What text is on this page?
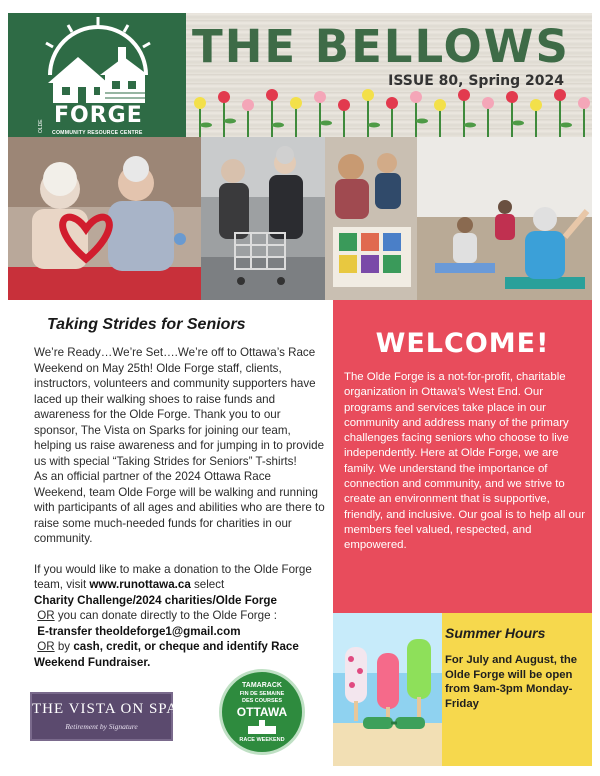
OLDE FORGE
COMMUNITY RESOURCE CENTRE
THE BELLOWS
ISSUE 80, Spring 2024
Taking Strides for Seniors

We’re Ready…We’re Set….We’re off to Ottawa’s Race Weekend on May 25th! Olde Forge staff, clients, instructors, volunteers and community supporters have laced up their walking shoes to raise funds and awareness for the Olde Forge. Thank you to our sponsor, The Vista on Sparks for joining our team, helping us raise awareness and for jumping in to provide us with special “Taking Strides for Seniors” T-shirts!

As an official partner of the 2024 Ottawa Race Weekend, team Olde Forge will be walking and running with participants of all ages and abilities who are there to raise some much-needed funds for charities in our community.

If you would like to make a donation to the Olde Forge team, visit www.runottawa.ca select

Charity Challenge/2024 charities/Olde Forge

OR you can donate directly to the Olde Forge :

E-transfer theoldeforge1@gmail.com

OR by cash, credit, or cheque and identify Race Weekend Fundraiser.

WELCOME!
The Olde Forge is a not-for-profit, charitable organization in Ottawa’s West End. Our programs and services take place in our community and address many of the primary challenges facing seniors who choose to live independently. Here at Olde Forge, we are family. We understand the importance of connection and community, and we strive to create an environment that is supportive, friendly, and inclusive. Our goal is to help all our members feel valued, respected, and empowered.
Summer Hours
For July and August, the Olde Forge will be open from 9am-3pm Monday-Friday
THE VISTA ON SPARKS
Retirement by Signature
TAMARACK
FIN DE SEMAINE
DES COURSES
OTTAWA
RACE WEEKEND
